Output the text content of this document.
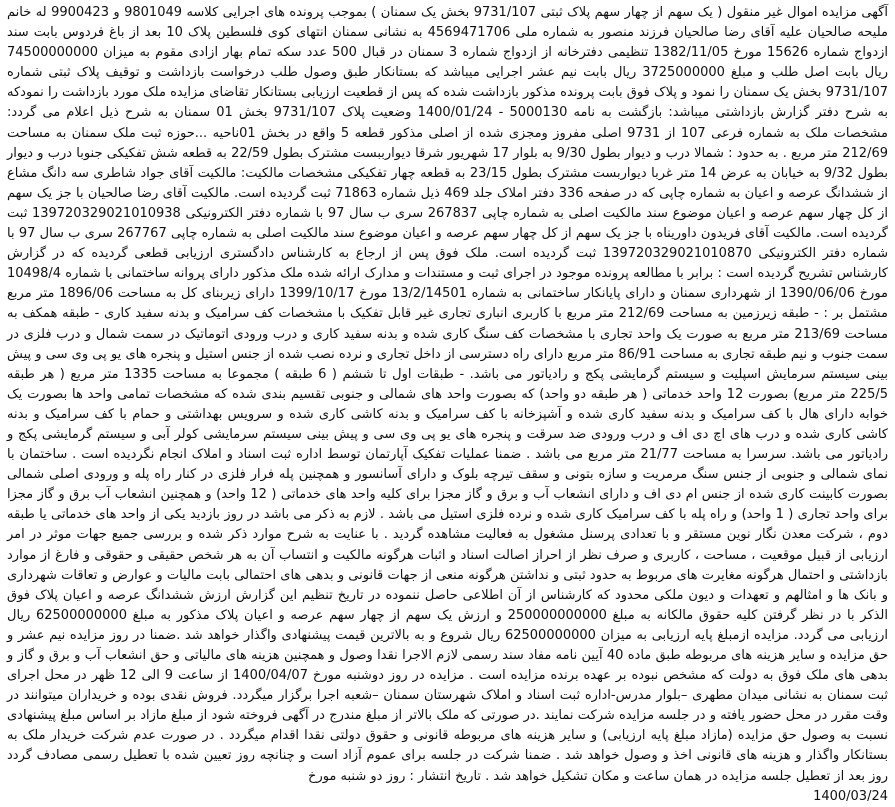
آگهی مزایده اموال غیر منقول ( یک سهم از چهار سهم پلاک ثبتی 9731/107 بخش یک سمنان ) بموجب پرونده های اجرایی کلاسه 9801049 و 9900423 له خانم ملیحه صالحیان علیه آقای رضا صالحیان فرزند منصور به شماره ملی 4569471706 به نشانی سمنان انتهای کوی فلسطین پلاک 10 بعد از باغ فردوس بابت سند ازدواج شماره 15626 مورخ 1382/11/05 تنظیمی دفترخانه از ازدواج شماره 3 سمنان در قبال 500 عدد سکه تمام بهار ازادی مقوم به میزان 74500000000 ریال بابت اصل طلب و مبلغ 3725000000 ریال بابت نیم عشر اجرایی میباشد که بستانکار طبق وصول طلب درخواست بازداشت و توقیف پلاک ثبتی شماره 9731/107 بخش یک سمنان را نمود و پلاک فوق بابت پرونده مذکور بازداشت شده که پس از قطعیت ارزیابی بستانکار تقاضای مزایده ملک مورد بازداشت را نمودکه به شرح دفتر گزارش بازداشتی میباشد: بازگشت به نامه 5000130 - 1400/01/24 وضعیت پلاک 9731/107 بخش 01 سمنان به شرح ذیل اعلام می گردد: مشخصات ملک به شماره فرعی 107 از 9731 اصلی مفروز ومجزی شده از اصلی مذکور قطعه 5 واقع در بخش 01ناحیه ...حوزه ثبت ملک سمنان به مساحت 212/69 متر مربع . به حدود : شمالا درب و دیوار بطول 9/30 به بلوار 17 شهریور شرقا دیوارببست مشترک بطول 22/59 به قطعه شش تفکیکی جنوبا درب و دیوار بطول 9/32 به خیابان به عرض 14 متر غربا دیواربست مشترک بطول 23/15 به قطعه چهار تفکیکی مشخصات مالکیت: مالکیت آقای جواد شاطری سه دانگ مشاع از ششدانگ عرصه و اعیان به شماره چاپی که در صفحه 336 دفتر املاک جلد 469 ذیل شماره 71863 ثبت گردیده است. مالکیت آقای رضا صالحیان با جز یک سهم از کل چهار سهم عرصه و اعیان موضوع سند مالکیت اصلی به شماره چاپی 267837 سری ب سال 97 با شماره دفتر الکترونیکی 139720329021010938 ثبت گردیده است. مالکیت آقای فریدون داوریناه با جز یک سهم از کل چهار سهم عرصه و اعیان موضوع سند مالکیت اصلی به شماره چاپی 267767 سری ب سال 97 با شماره دفتر الکترونیکی 139720329021010870 ثبت گردیده است. ملک فوق پس از ارجاع به کارشناس دادگستری ارزیابی قطعی گردیده که در گزارش کارشناس تشریح گردیده است : برابر با مطالعه پرونده موجود در اجرای ثبت و مستندات و مدارک ارائه شده ملک مذکور دارای پروانه ساختمانی با شماره 10498/4 مورخ 1390/06/06 از شهرداری سمنان و دارای پایانکار ساختمانی به شماره 13/2/14501 مورخ 1399/10/17 دارای زیربنای کل به مساحت 1896/06 متر مربع مشتمل بر : - طبقه زیرزمین به مساحت 212/69 متر مربع با کاربری انباری تجاری غیر قابل تفکیک با مشخصات کف سرامیک و بدنه سفید کاری - طبقه همکف به مساحت 213/69 متر مربع به صورت یک واحد تجاری با مشخصات کف سنگ کاری شده و بدنه سفید کاری و درب ورودی اتوماتیک در سمت شمال و درب فلزی در سمت جنوب و نیم طبقه تجاری به مساحت 86/91 متر مربع دارای راه دسترسی از داخل تجاری و نرده نصب شده از جنس استیل و پنجره های یو پی وی سی و پیش بینی سیستم سرمایش اسپلیت و سیستم گرمایشی پکج و رادیاتور می باشد. - طبقات اول تا ششم ( 6 طبقه ) مجموعا به مساحت 1335 متر مربع ( هر طبقه 225/5 متر مربع) بصورت 12 واحد خدماتی ( هر طبقه دو واحد) که بصورت واحد های شمالی و جنوبی تقسیم بندی شده که مشخصات تمامی واحد ها بصورت یک خوابه دارای هال با کف سرامیک و بدنه سفید کاری شده و آشپزخانه با کف سرامیک و بدنه کاشی کاری شده و سرویس بهداشتی و حمام با کف سرامیک و بدنه کاشی کاری شده و درب های اچ دی اف و درب ورودی ضد سرقت و پنجره های یو پی وی سی و پیش بینی سیستم سرمایشی کولر آبی و سیستم گرمایشی پکج و رادیاتور می باشد. سرسرا به مساحت 21/77 متر مربع می باشد . ضمنا عملیات تفکیک آپارتمان توسط اداره ثبت اسناد و املاک انجام نگردیده است . ساختمان با نمای شمالی و جنوبی از جنس سنگ مرمریت و سازه بتونی و سقف تیرچه بلوک و دارای آسانسور و همچنین پله فرار فلزی در کنار راه پله و ورودی اصلی شمالی بصورت کابینت کاری شده از جنس ام دی اف و دارای انشعاب آب و برق و گاز مجزا برای کلیه واحد های خدماتی ( 12 واحد) و همچنین انشعاب آب برق و گاز مجزا برای واحد تجاری ( 1 واحد) و راه پله با کف سرامیک کاری شده و نرده فلزی استیل می باشد . لازم به ذکر می باشد در روز بازدید یکی از واحد های خدماتی یا طبقه دوم ، شرکت معدن نگار نوین مستقر و با تعدادی پرسنل مشغول به فعالیت مشاهده گردید . با عنایت به شرح موارد ذکر شده و بررسی جمیع جهات موثر در امر ارزیابی از قبیل موقعیت ، مساحت ، کاربری و صرف نظر از احراز اصالت اسناد و اثبات هرگونه مالکیت و انتساب آن به هر شخص حقیقی و حقوقی و فارغ از موارد بازداشتی و احتمال هرگونه مغایرت های مربوط به حدود ثبتی و نداشتن هرگونه منعی از جهات قانونی و بدهی های احتمالی بابت مالیات و عوارض و تعاقات شهرداری و بانک ها و امثالهم و تعهدات و دیون ملکی محدود که کارشناس از آن اطلاعی حاصل ننموده در تاریخ تنظیم این گزارش ارزش ششدانگ عرصه و اعیان پلاک فوق الذکر با در نظر گرفتن کلیه حقوق مالکانه به مبلغ 250000000000 و ارزش یک سهم از چهار سهم عرصه و اعیان پلاک مذکور به مبلغ 62500000000 ریال ارزیابی می گردد. مزایده ازمبلغ پایه ارزیابی به میزان 62500000000 ریال شروع و به بالاترین قیمت پیشنهادی واگذار خواهد شد .ضمنا در روز مزایده نیم عشر و حق مزایده و سایر هزینه های مربوطه طبق ماده 40 آیین نامه مفاد سند رسمی لازم الاجرا نقدا وصول و همچنین هزینه های مالیاتی و حق انشعاب آب و برق و گاز و بدهی های ملک فوق به دولت که مشخص نبوده بر عهده برنده مزایده است . مزایده در روز دوشنبه مورخ 1400/04/07 از ساعت 9 الی 12 ظهر در محل اجرای ثبت سمنان به نشانی میدان مطهری –بلوار مدرس-اداره ثبت اسناد و املاک شهرستان سمنان –شعبه اجرا برگزار میگردد. فروش نقدی بوده و خریداران میتوانند در وقت مقرر در محل حضور یافته و در جلسه مزایده شرکت نمایند .در صورتی که ملک بالاتر از مبلغ مندرج در آگهی فروخته شود از مبلغ مازاد بر اساس مبلغ پیشنهادی نسبت به وصول حق مزایده (مازاد مبلغ پایه ارزیابی) و سایر هزینه های مربوطه قانونی و حقوق دولتی نقدا اقدام میگردد . در صورت عدم شرکت خریدار ملک به بستانکار واگذار و هزینه های قانونی اخذ و وصول خواهد شد . ضمنا شرکت در جلسه برای عموم آزاد است و چنانچه روز تعیین شده با تعطیل رسمی مصادف گردد روز بعد از تعطیل جلسه مزایده در همان ساعت و مکان تشکیل خواهد شد . تاریخ انتشار : روز دو شنبه مورخ

1400/03/24
